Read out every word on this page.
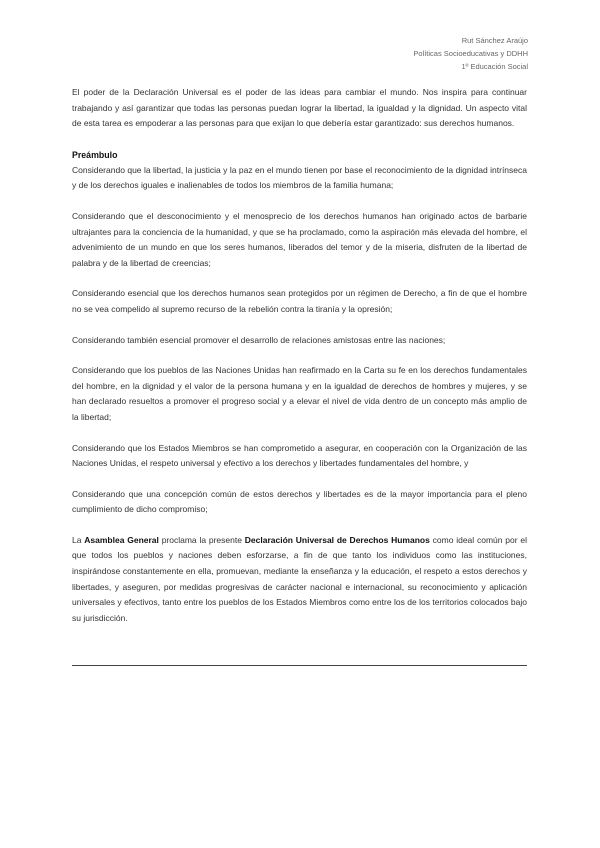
Rut Sánchez Araújo
Políticas Socioeducativas y DDHH
1º Educación Social

El poder de la Declaración Universal es el poder de las ideas para cambiar el mundo. Nos inspira para continuar trabajando y así garantizar que todas las personas puedan lograr la libertad, la igualdad y la dignidad. Un aspecto vital de esta tarea es empoderar a las personas para que exijan lo que debería estar garantizado: sus derechos humanos.

Preámbulo

Considerando que la libertad, la justicia y la paz en el mundo tienen por base el reconocimiento de la dignidad intrínseca y de los derechos iguales e inalienables de todos los miembros de la familia humana;

Considerando que el desconocimiento y el menosprecio de los derechos humanos han originado actos de barbarie ultrajantes para la conciencia de la humanidad, y que se ha proclamado, como la aspiración más elevada del hombre, el advenimiento de un mundo en que los seres humanos, liberados del temor y de la miseria, disfruten de la libertad de palabra y de la libertad de creencias;

Considerando esencial que los derechos humanos sean protegidos por un régimen de Derecho, a fin de que el hombre no se vea compelido al supremo recurso de la rebelión contra la tiranía y la opresión;

Considerando también esencial promover el desarrollo de relaciones amistosas entre las naciones;

Considerando que los pueblos de las Naciones Unidas han reafirmado en la Carta su fe en los derechos fundamentales del hombre, en la dignidad y el valor de la persona humana y en la igualdad de derechos de hombres y mujeres, y se han declarado resueltos a promover el progreso social y a elevar el nivel de vida dentro de un concepto más amplio de la libertad;

Considerando que los Estados Miembros se han comprometido a asegurar, en cooperación con la Organización de las Naciones Unidas, el respeto universal y efectivo a los derechos y libertades fundamentales del hombre, y

Considerando que una concepción común de estos derechos y libertades es de la mayor importancia para el pleno cumplimiento de dicho compromiso;

La Asamblea General proclama la presente Declaración Universal de Derechos Humanos como ideal común por el que todos los pueblos y naciones deben esforzarse, a fin de que tanto los individuos como las instituciones, inspirándose constantemente en ella, promuevan, mediante la enseñanza y la educación, el respeto a estos derechos y libertades, y aseguren, por medidas progresivas de carácter nacional e internacional, su reconocimiento y aplicación universales y efectivos, tanto entre los pueblos de los Estados Miembros como entre los de los territorios colocados bajo su jurisdicción.
